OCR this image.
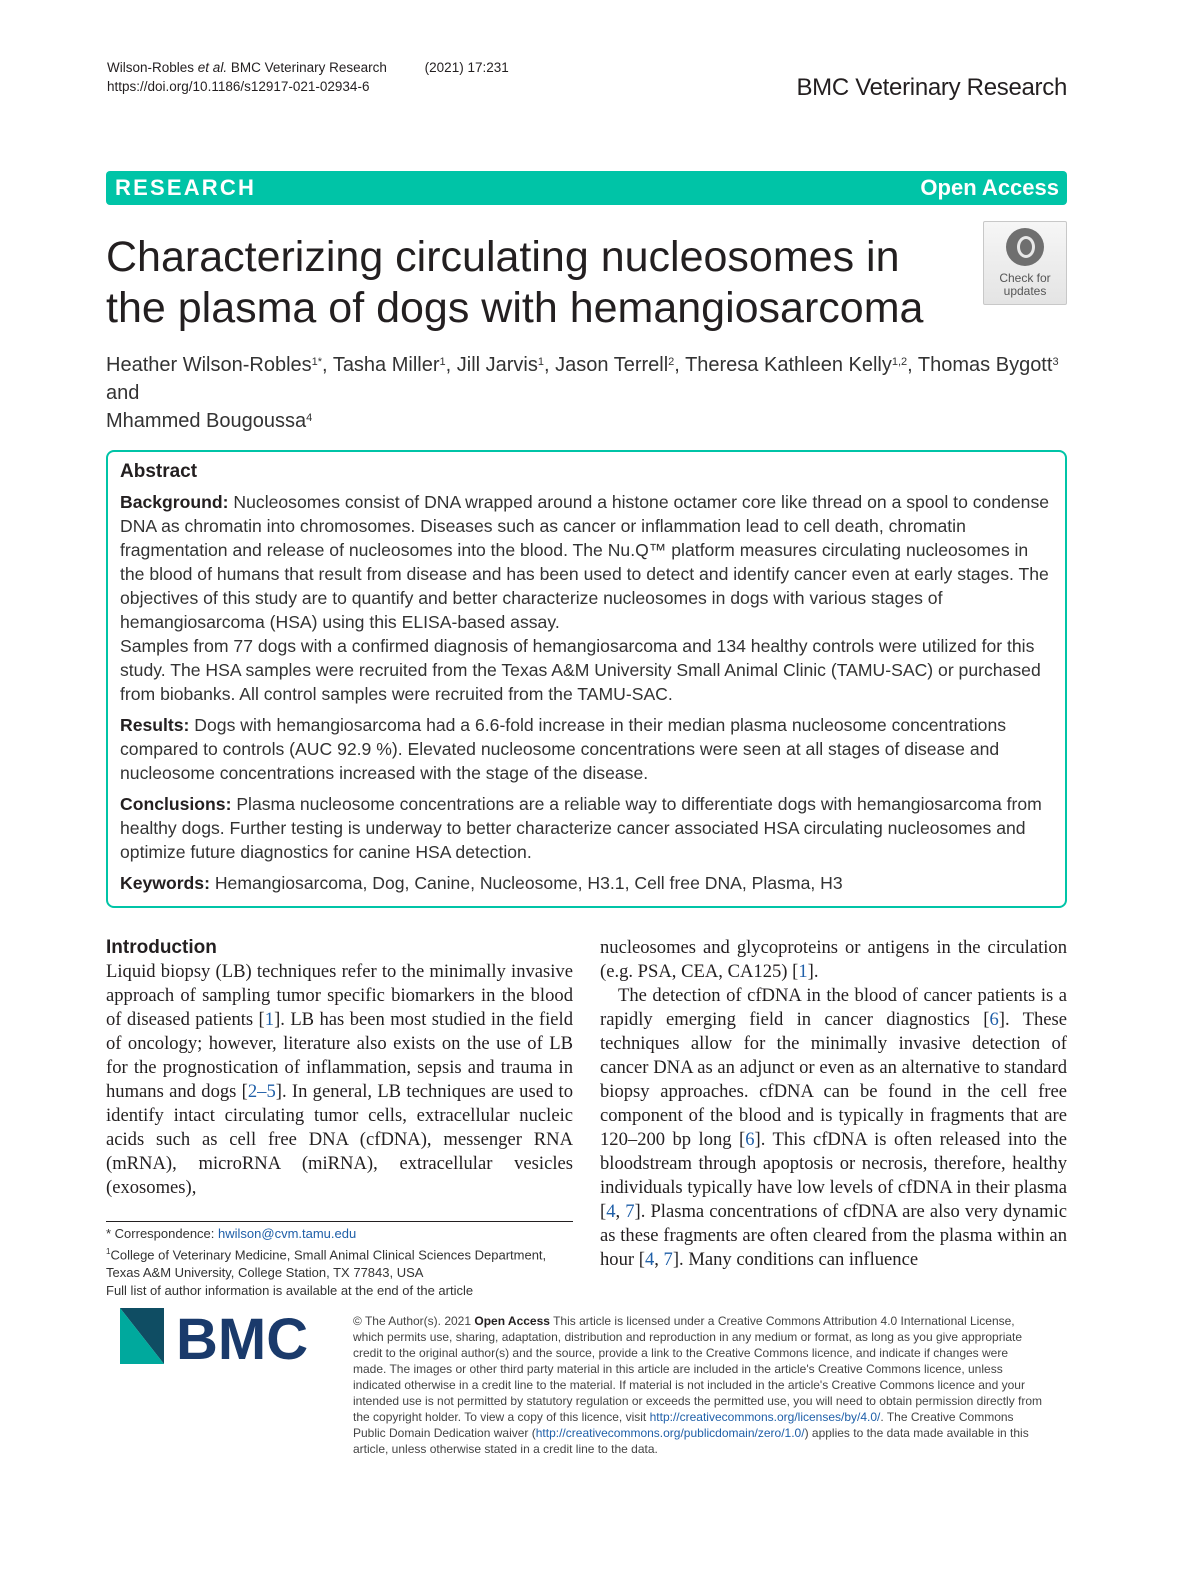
Wilson-Robles et al. BMC Veterinary Research	(2021) 17:231
https://doi.org/10.1186/s12917-021-02934-6	BMC Veterinary Research
RESEARCH	Open Access
Characterizing circulating nucleosomes in
the plasma of dogs with hemangiosarcoma
Check for
updates
Heather Wilson-Robles$^{1*}$, Tasha Miller$^1$, Jill Jarvis$^1$, Jason Terrell$^2$, Theresa Kathleen Kelly$^{1,2}$, Thomas Bygott$^3$ and
Mhammed Bougoussa$^4$
Abstract

Background: Nucleosomes consist of DNA wrapped around a histone octamer core like thread on a spool to condense DNA as chromatin into chromosomes. Diseases such as cancer or inflammation lead to cell death, chromatin fragmentation and release of nucleosomes into the blood. The Nu.Q™ platform measures circulating nucleosomes in the blood of humans that result from disease and has been used to detect and identify cancer even at early stages. The objectives of this study are to quantify and better characterize nucleosomes in dogs with various stages of hemangiosarcoma (HSA) using this ELISA-based assay.
Samples from 77 dogs with a confirmed diagnosis of hemangiosarcoma and 134 healthy controls were utilized for this study. The HSA samples were recruited from the Texas A&M University Small Animal Clinic (TAMU-SAC) or purchased from biobanks. All control samples were recruited from the TAMU-SAC.

Results: Dogs with hemangiosarcoma had a 6.6-fold increase in their median plasma nucleosome concentrations compared to controls (AUC 92.9 %). Elevated nucleosome concentrations were seen at all stages of disease and nucleosome concentrations increased with the stage of the disease.

Conclusions: Plasma nucleosome concentrations are a reliable way to differentiate dogs with hemangiosarcoma from healthy dogs. Further testing is underway to better characterize cancer associated HSA circulating nucleosomes and optimize future diagnostics for canine HSA detection.

Keywords: Hemangiosarcoma, Dog, Canine, Nucleosome, H3.1, Cell free DNA, Plasma, H3

Introduction
Liquid biopsy (LB) techniques refer to the minimally invasive approach of sampling tumor specific biomarkers in the blood of diseased patients [1]. LB has been most studied in the field of oncology; however, literature also exists on the use of LB for the prognostication of inflammation, sepsis and trauma in humans and dogs [2–5]. In general, LB techniques are used to identify intact circulating tumor cells, extracellular nucleic acids such as cell free DNA (cfDNA), messenger RNA (mRNA), microRNA (miRNA), extracellular vesicles (exosomes),
nucleosomes and glycoproteins or antigens in the circulation (e.g. PSA, CEA, CA125) [1].
The detection of cfDNA in the blood of cancer patients is a rapidly emerging field in cancer diagnostics [6]. These techniques allow for the minimally invasive detection of cancer DNA as an adjunct or even as an alternative to standard biopsy approaches. cfDNA can be found in the cell free component of the blood and is typically in fragments that are 120–200 bp long [6]. This cfDNA is often released into the bloodstream through apoptosis or necrosis, therefore, healthy individuals typically have low levels of cfDNA in their plasma [4, 7]. Plasma concentrations of cfDNA are also very dynamic as these fragments are often cleared from the plasma within an hour [4, 7]. Many conditions can influence
* Correspondence: hwilson@cvm.tamu.edu
$^1$College of Veterinary Medicine, Small Animal Clinical Sciences Department,
Texas A&M University, College Station, TX 77843, USA
Full list of author information is available at the end of the article
BMC	© The Author(s). 2021 Open Access This article is licensed under a Creative Commons Attribution 4.0 International License, which permits use, sharing, adaptation, distribution and reproduction in any medium or format, as long as you give appropriate credit to the original author(s) and the source, provide a link to the Creative Commons licence, and indicate if changes were made. The images or other third party material in this article are included in the article's Creative Commons licence, unless indicated otherwise in a credit line to the material. If material is not included in the article's Creative Commons licence and your intended use is not permitted by statutory regulation or exceeds the permitted use, you will need to obtain permission directly from the copyright holder. To view a copy of this licence, visit http://creativecommons.org/licenses/by/4.0/. The Creative Commons Public Domain Dedication waiver (http://creativecommons.org/publicdomain/zero/1.0/) applies to the data made available in this article, unless otherwise stated in a credit line to the data.
